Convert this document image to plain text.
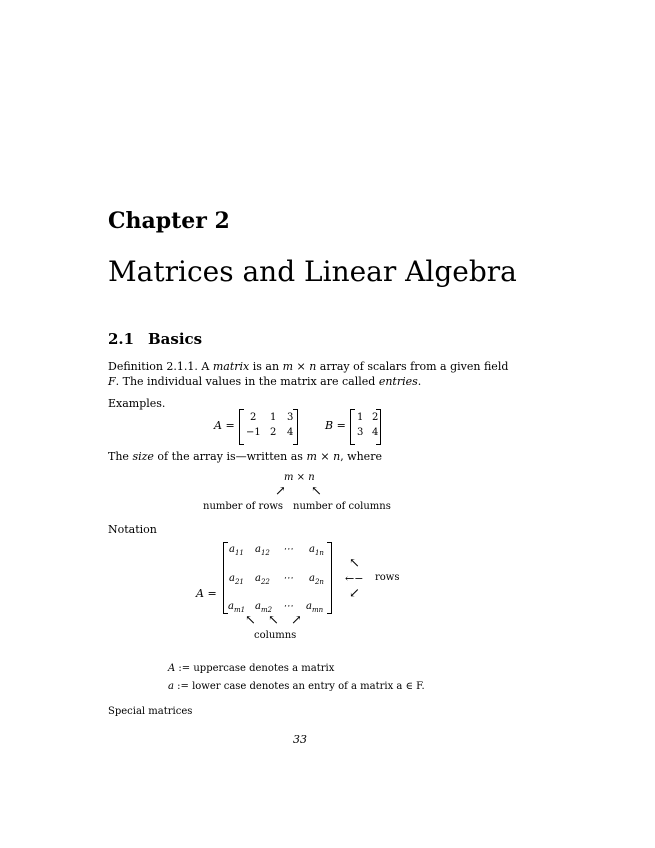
Chapter 2
Matrices and Linear Algebra
2.1 Basics
Definition 2.1.1. A matrix is an m × n array of scalars from a given field
F. The individual values in the matrix are called entries.
Examples.
A =
2 1 3
−1 2 4
B =
1 2
3 4
The size of the array is—written as m × n, where
m × n
↗ ↖
number of rows number of columns
Notation
A =
$a_{11}$ $a_{12}$ ⋯ $a_{1n}$
$a_{21}$ $a_{22}$ ⋯ $a_{2n}$
$a_{m1}$ $a_{m2}$ ⋯ $a_{mn}$
↖
←−
↙
rows
↖ ↖ ↗
columns
A := uppercase denotes a matrix
a := lower case denotes an entry of a matrix a ∈ F.
Special matrices
33
